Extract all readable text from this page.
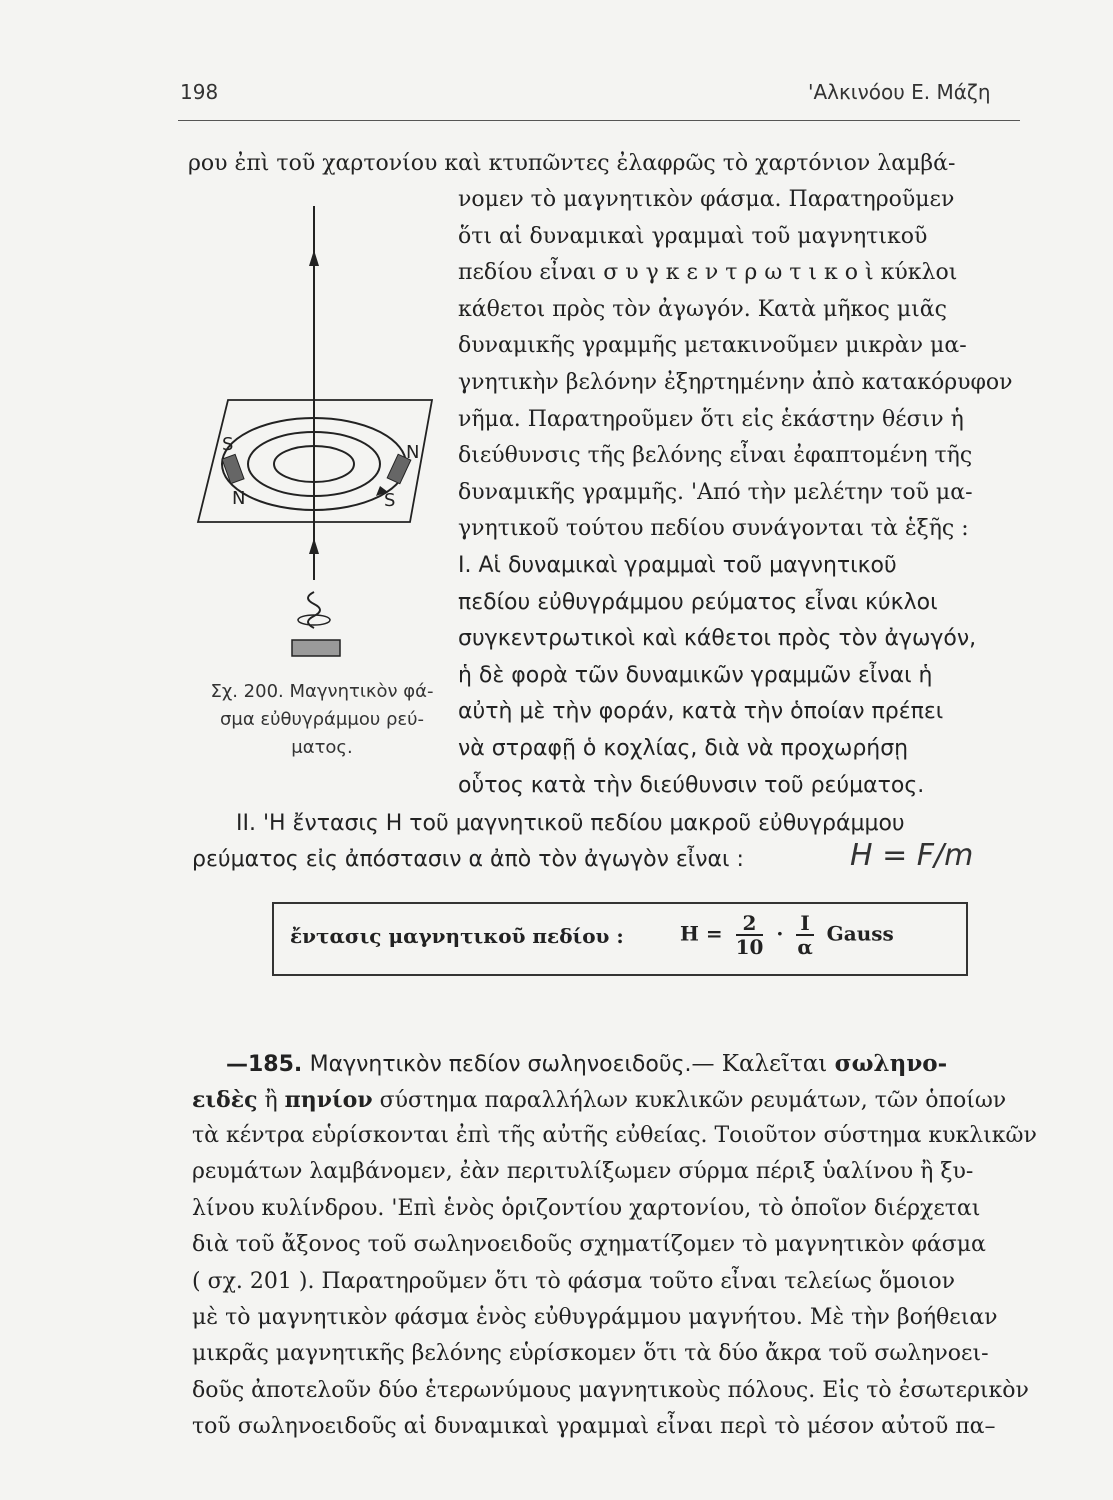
198	'Αλκινόου Ε. Μάζη
ρου ἐπὶ τοῦ χαρτονίου καὶ κτυπῶντες ἐλαφρῶς τὸ χαρτόνιον λαμβά-
νομεν τὸ μαγνητικὸν φάσμα. Παρατηροῦμεν
ὅτι αἱ δυναμικαὶ γραμμαὶ τοῦ μαγνητικοῦ
πεδίου εἶναι σ υ γ κ ε ν τ ρ ω τ ι κ ο ὶ κύκλοι
κάθετοι πρὸς τὸν ἀγωγόν. Κατὰ μῆκος μιᾶς
δυναμικῆς γραμμῆς μετακινοῦμεν μικρὰν μα-
γνητικὴν βελόνην ἐξηρτημένην ἀπὸ κατακόρυφον
νῆμα. Παρατηροῦμεν ὅτι εἰς ἑκάστην θέσιν ἡ
διεύθυνσις τῆς βελόνης εἶναι ἐφαπτομένη τῆς
δυναμικῆς γραμμῆς. 'Από τὴν μελέτην τοῦ μα-
γνητικοῦ τούτου πεδίου συνάγονται τὰ ἑξῆς :
S
N
N
S
Σχ. 200. Μαγνητικὸν φά-
σμα εὐθυγράμμου ρεύ-
ματος.
I. Αἱ δυναμικαὶ γραμμαὶ τοῦ μαγνητικοῦ
πεδίου εὐθυγράμμου ρεύματος εἶναι κύκλοι
συγκεντρωτικοὶ καὶ κάθετοι πρὸς τὸν ἀγωγόν,
ἡ δὲ φορὰ τῶν δυναμικῶν γραμμῶν εἶναι ἡ
αὐτὴ μὲ τὴν φοράν, κατὰ τὴν ὁποίαν πρέπει
νὰ στραφῇ ὁ κοχλίας, διὰ νὰ προχωρήσῃ
οὗτος κατὰ τὴν διεύθυνσιν τοῦ ρεύματος.
II. 'Η ἔντασις H τοῦ μαγνητικοῦ πεδίου μακροῦ εὐθυγράμμου
ρεύματος εἰς ἀπόστασιν α ἀπὸ τὸν ἀγωγὸν εἶναι :	H = F/m
ἔντασις μαγνητικοῦ πεδίου :	$H = \frac{2}{10} \cdot \frac{I}{\alpha}$ Gauss
—185. Μαγνητικὸν πεδίον σωληνοειδοῦς.— Καλεῖται σωληνο-
ειδὲς ἢ πηνίον σύστημα παραλλήλων κυκλικῶν ρευμάτων, τῶν ὁποίων
τὰ κέντρα εὑρίσκονται ἐπὶ τῆς αὐτῆς εὐθείας. Τοιοῦτον σύστημα κυκλικῶν
ρευμάτων λαμβάνομεν, ἐὰν περιτυλίξωμεν σύρμα πέριξ ὑαλίνου ἢ ξυ-
λίνου κυλίνδρου. 'Επὶ ἑνὸς ὁριζοντίου χαρτονίου, τὸ ὁποῖον διέρχεται
διὰ τοῦ ἄξονος τοῦ σωληνοειδοῦς σχηματίζομεν τὸ μαγνητικὸν φάσμα
( σχ. 201 ). Παρατηροῦμεν ὅτι τὸ φάσμα τοῦτο εἶναι τελείως ὅμοιον
μὲ τὸ μαγνητικὸν φάσμα ἑνὸς εὐθυγράμμου μαγνήτου. Μὲ τὴν βοήθειαν
μικρᾶς μαγνητικῆς βελόνης εὑρίσκομεν ὅτι τὰ δύο ἄκρα τοῦ σωληνοει-
δοῦς ἀποτελοῦν δύο ἑτερωνύμους μαγνητικοὺς πόλους. Εἰς τὸ ἐσωτερικὸν
τοῦ σωληνοειδοῦς αἱ δυναμικαὶ γραμμαὶ εἶναι περὶ τὸ μέσον αὐτοῦ πα–
